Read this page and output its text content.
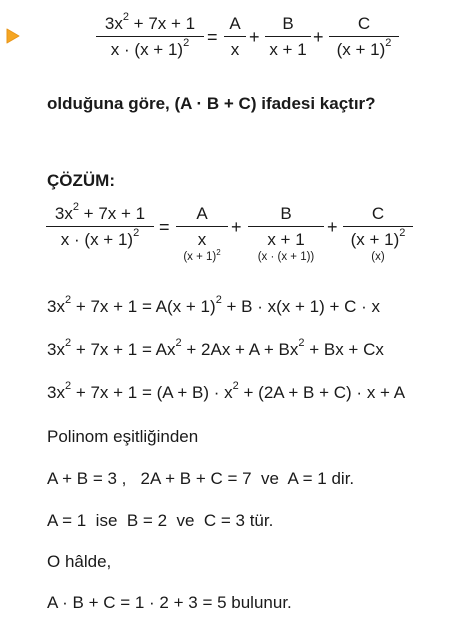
$3x^2 + 7x + 1$
$x \cdot (x + 1)^2$ =
A
x
+
B
x + 1
+
C
$(x + 1)^2$
olduğuna göre, (A · B + C) ifadesi kaçtır?
ÇÖZÜM:
$3x^2 + 7x + 1$
$x \cdot (x + 1)^2$	=
A
x
$(x + 1)^2$
+
B
x + 1
(x · (x + 1))
+
C
$(x + 1)^2$
(x)
$3x^2 + 7x + 1 = A(x + 1)^2 + B \cdot x(x + 1) + C \cdot x$
$3x^2 + 7x + 1 = Ax^2 + 2Ax + A + Bx^2 + Bx + Cx$
$3x^2 + 7x + 1 = (A + B) \cdot x^2 + (2A + B + C) \cdot x + A$
Polinom eşitliğinden
A + B = 3 ,   2A + B + C = 7  ve  A = 1 dir.
A = 1  ise  B = 2  ve  C = 3 tür.
O hâlde,
A · B + C = 1 · 2 + 3 = 5 bulunur.
